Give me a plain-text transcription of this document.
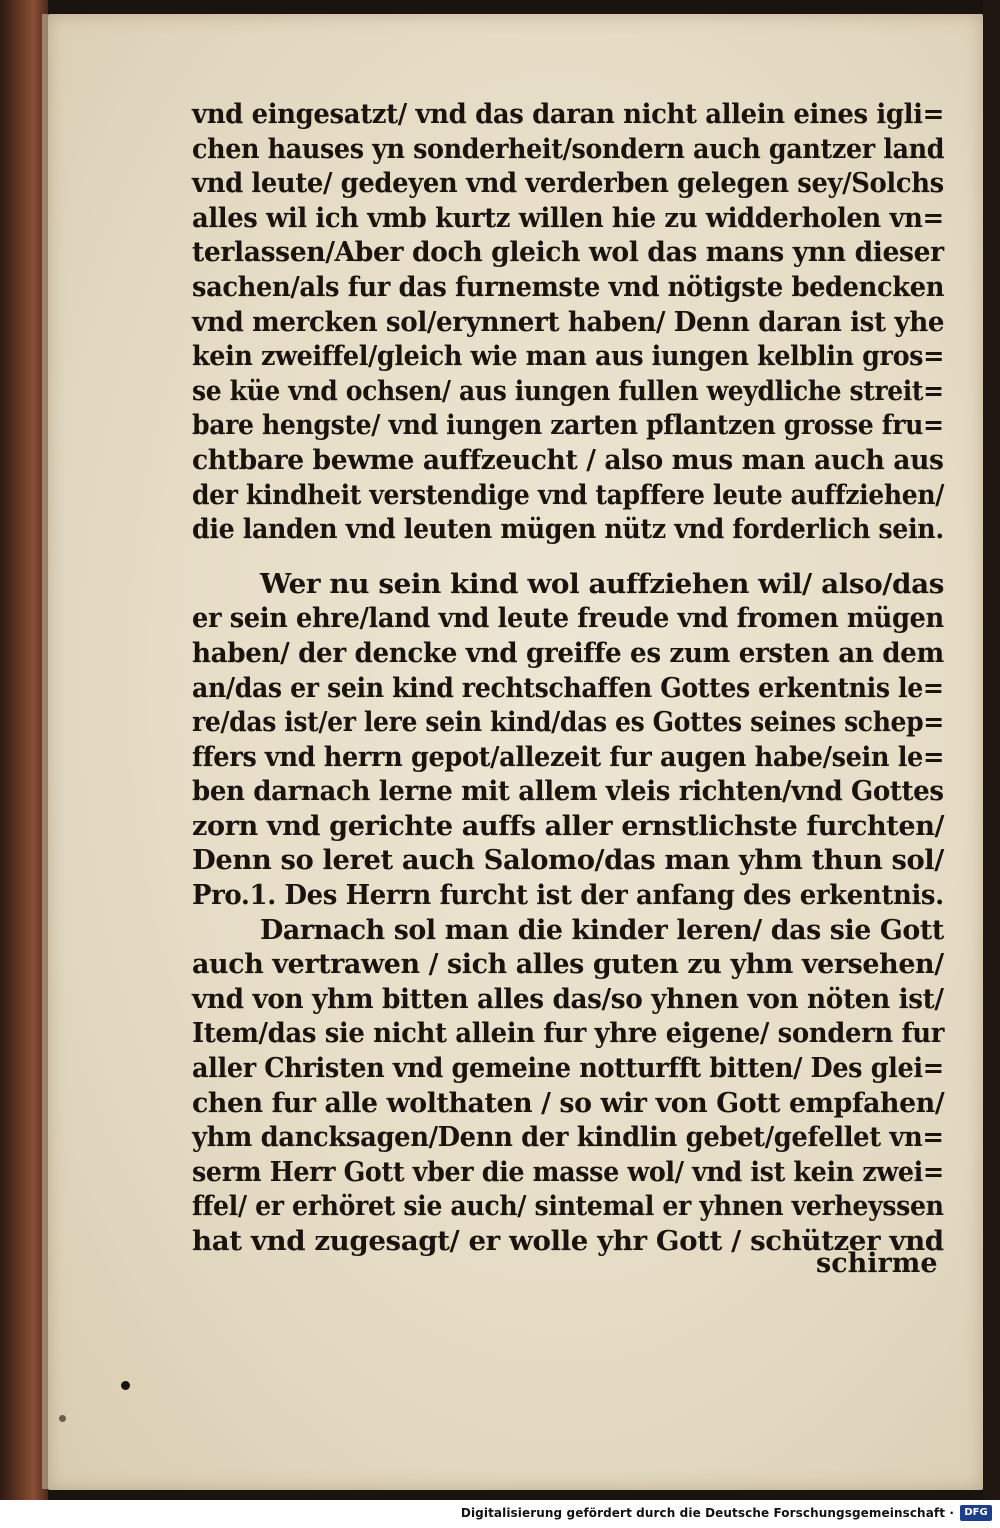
vnd eingesatzt/ vnd das daran nicht allein eines igli=
chen hauses yn sonderheit/sondern auch gantzer land
vnd leute/ gedeyen vnd verderben gelegen sey/Solchs
alles wil ich vmb kurtz willen hie zu widderholen vn=
terlassen/Aber doch gleich wol das mans ynn dieser
sachen/als fur das furnemste vnd nötigste bedencken
vnd mercken sol/erynnert haben/ Denn daran ist yhe
kein zweiffel/gleich wie man aus iungen kelblin gros=
se küe vnd ochsen/ aus iungen fullen weydliche streit=
bare hengste/ vnd iungen zarten pflantzen grosse fru=
chtbare bewme auffzeucht / also mus man auch aus
der kindheit verstendige vnd tapffere leute auffziehen/
die landen vnd leuten mügen nütz vnd forderlich sein.
Wer nu sein kind wol auffziehen wil/ also/das
er sein ehre/land vnd leute freude vnd fromen mügen
haben/ der dencke vnd greiffe es zum ersten an dem
an/das er sein kind rechtschaffen Gottes erkentnis le=
re/das ist/er lere sein kind/das es Gottes seines schep=
ffers vnd herrn gepot/allezeit fur augen habe/sein le=
ben darnach lerne mit allem vleis richten/vnd Gottes
zorn vnd gerichte auffs aller ernstlichste furchten/
Denn so leret auch Salomo/das man yhm thun sol/
Pro.1. Des Herrn furcht ist der anfang des erkentnis.
Darnach sol man die kinder leren/ das sie Gott
auch vertrawen / sich alles guten zu yhm versehen/
vnd von yhm bitten alles das/so yhnen von nöten ist/
Item/das sie nicht allein fur yhre eigene/ sondern fur
aller Christen vnd gemeine notturfft bitten/ Des glei=
chen fur alle wolthaten / so wir von Gott empfahen/
yhm dancksagen/Denn der kindlin gebet/gefellet vn=
serm Herr Gott vber die masse wol/ vnd ist kein zwei=
ffel/ er erhöret sie auch/ sintemal er yhnen verheyssen
hat vnd zugesagt/ er wolle yhr Gott / schützer vnd
schirme
Digitalisierung gefördert durch die Deutsche Forschungsgemeinschaft ·	DFG
